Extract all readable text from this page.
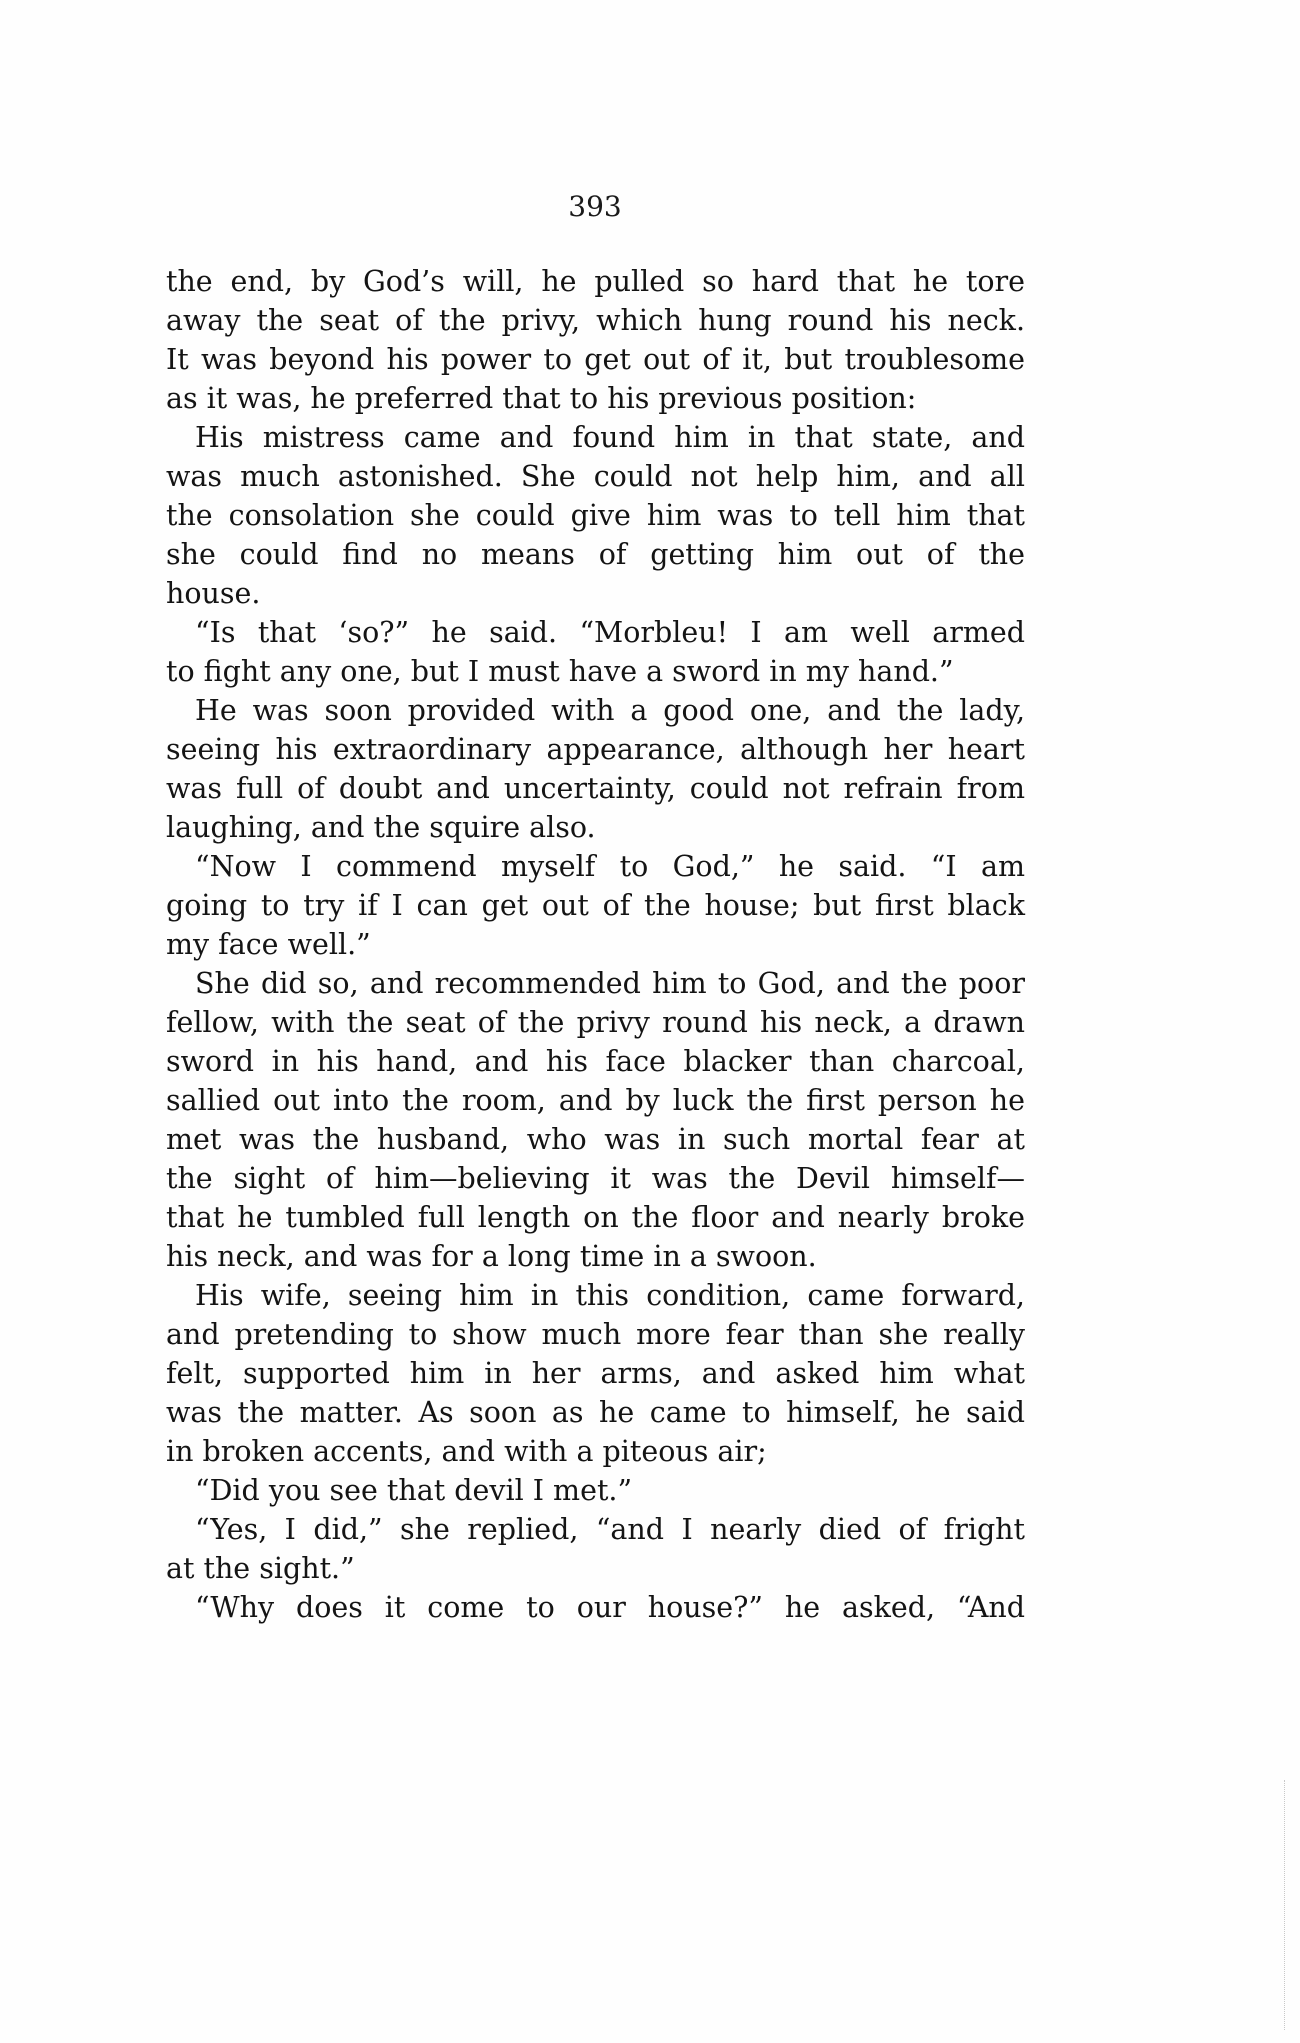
393
the end, by God’s will, he pulled so hard that he tore
away the seat of the privy, which hung round his neck.
It was beyond his power to get out of it, but troublesome
as it was, he preferred that to his previous position:
His mistress came and found him in that state, and
was much astonished. She could not help him, and all
the consolation she could give him was to tell him that
she could find no means of getting him out of the
house.
“Is that ‘so?” he said. “Morbleu! I am well armed
to fight any one, but I must have a sword in my hand.”
He was soon provided with a good one, and the lady,
seeing his extraordinary appearance, although her heart
was full of doubt and uncertainty, could not refrain from
laughing, and the squire also.
“Now I commend myself to God,” he said. “I am
going to try if I can get out of the house; but first black
my face well.”
She did so, and recommended him to God, and the poor
fellow, with the seat of the privy round his neck, a drawn
sword in his hand, and his face blacker than charcoal,
sallied out into the room, and by luck the first person he
met was the husband, who was in such mortal fear at
the sight of him—believing it was the Devil himself—
that he tumbled full length on the floor and nearly broke
his neck, and was for a long time in a swoon.
His wife, seeing him in this condition, came forward,
and pretending to show much more fear than she really
felt, supported him in her arms, and asked him what
was the matter. As soon as he came to himself, he said
in broken accents, and with a piteous air;
“Did you see that devil I met.”
“Yes, I did,” she replied, “and I nearly died of fright
at the sight.”
“Why does it come to our house?” he asked, “And
